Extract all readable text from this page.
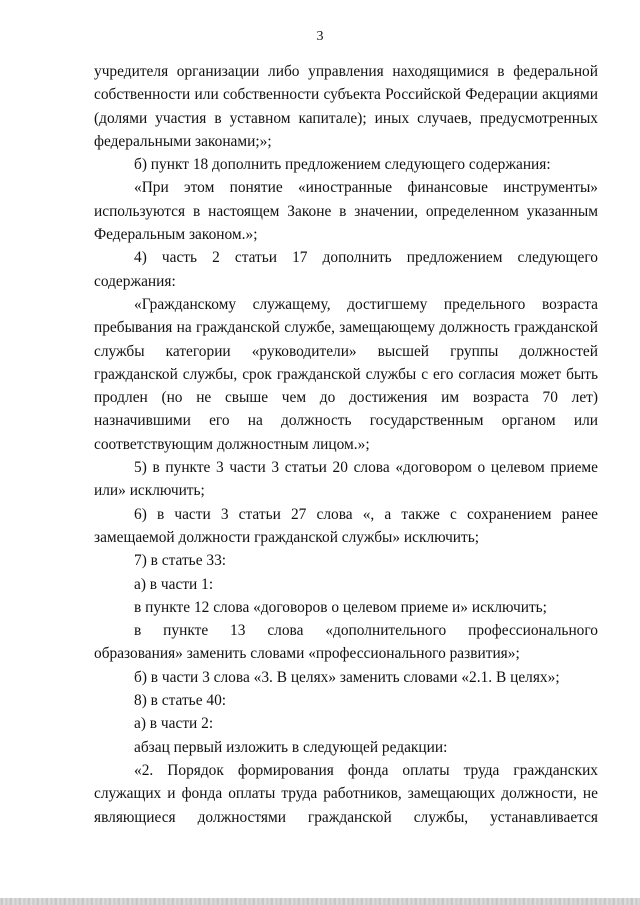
3

учредителя организации либо управления находящимися в федеральной собственности или собственности субъекта Российской Федерации акциями (долями участия в уставном капитале); иных случаев, предусмотренных федеральными законами;»;

б) пункт 18 дополнить предложением следующего содержания:

«При этом понятие «иностранные финансовые инструменты» используются в настоящем Законе в значении, определенном указанным Федеральным законом.»;

4) часть 2 статьи 17 дополнить предложением следующего содержания:

«Гражданскому служащему, достигшему предельного возраста пребывания на гражданской службе, замещающему должность гражданской службы категории «руководители» высшей группы должностей гражданской службы, срок гражданской службы с его согласия может быть продлен (но не свыше чем до достижения им возраста 70 лет) назначившими его на должность государственным органом или соответствующим должностным лицом.»;

5) в пункте 3 части 3 статьи 20 слова «договором о целевом приеме или» исключить;

6) в части 3 статьи 27 слова «, а также с сохранением ранее замещаемой должности гражданской службы» исключить;

7) в статье 33:

а) в части 1:

в пункте 12 слова «договоров о целевом приеме и» исключить;

в пункте 13 слова «дополнительного профессионального образования» заменить словами «профессионального развития»;

б) в части 3 слова «3. В целях» заменить словами «2.1. В целях»;

8) в статье 40:

а) в части 2:

абзац первый изложить в следующей редакции:

«2. Порядок формирования фонда оплаты труда гражданских служащих и фонда оплаты труда работников, замещающих должности, не являющиеся должностями гражданской службы, устанавливается
